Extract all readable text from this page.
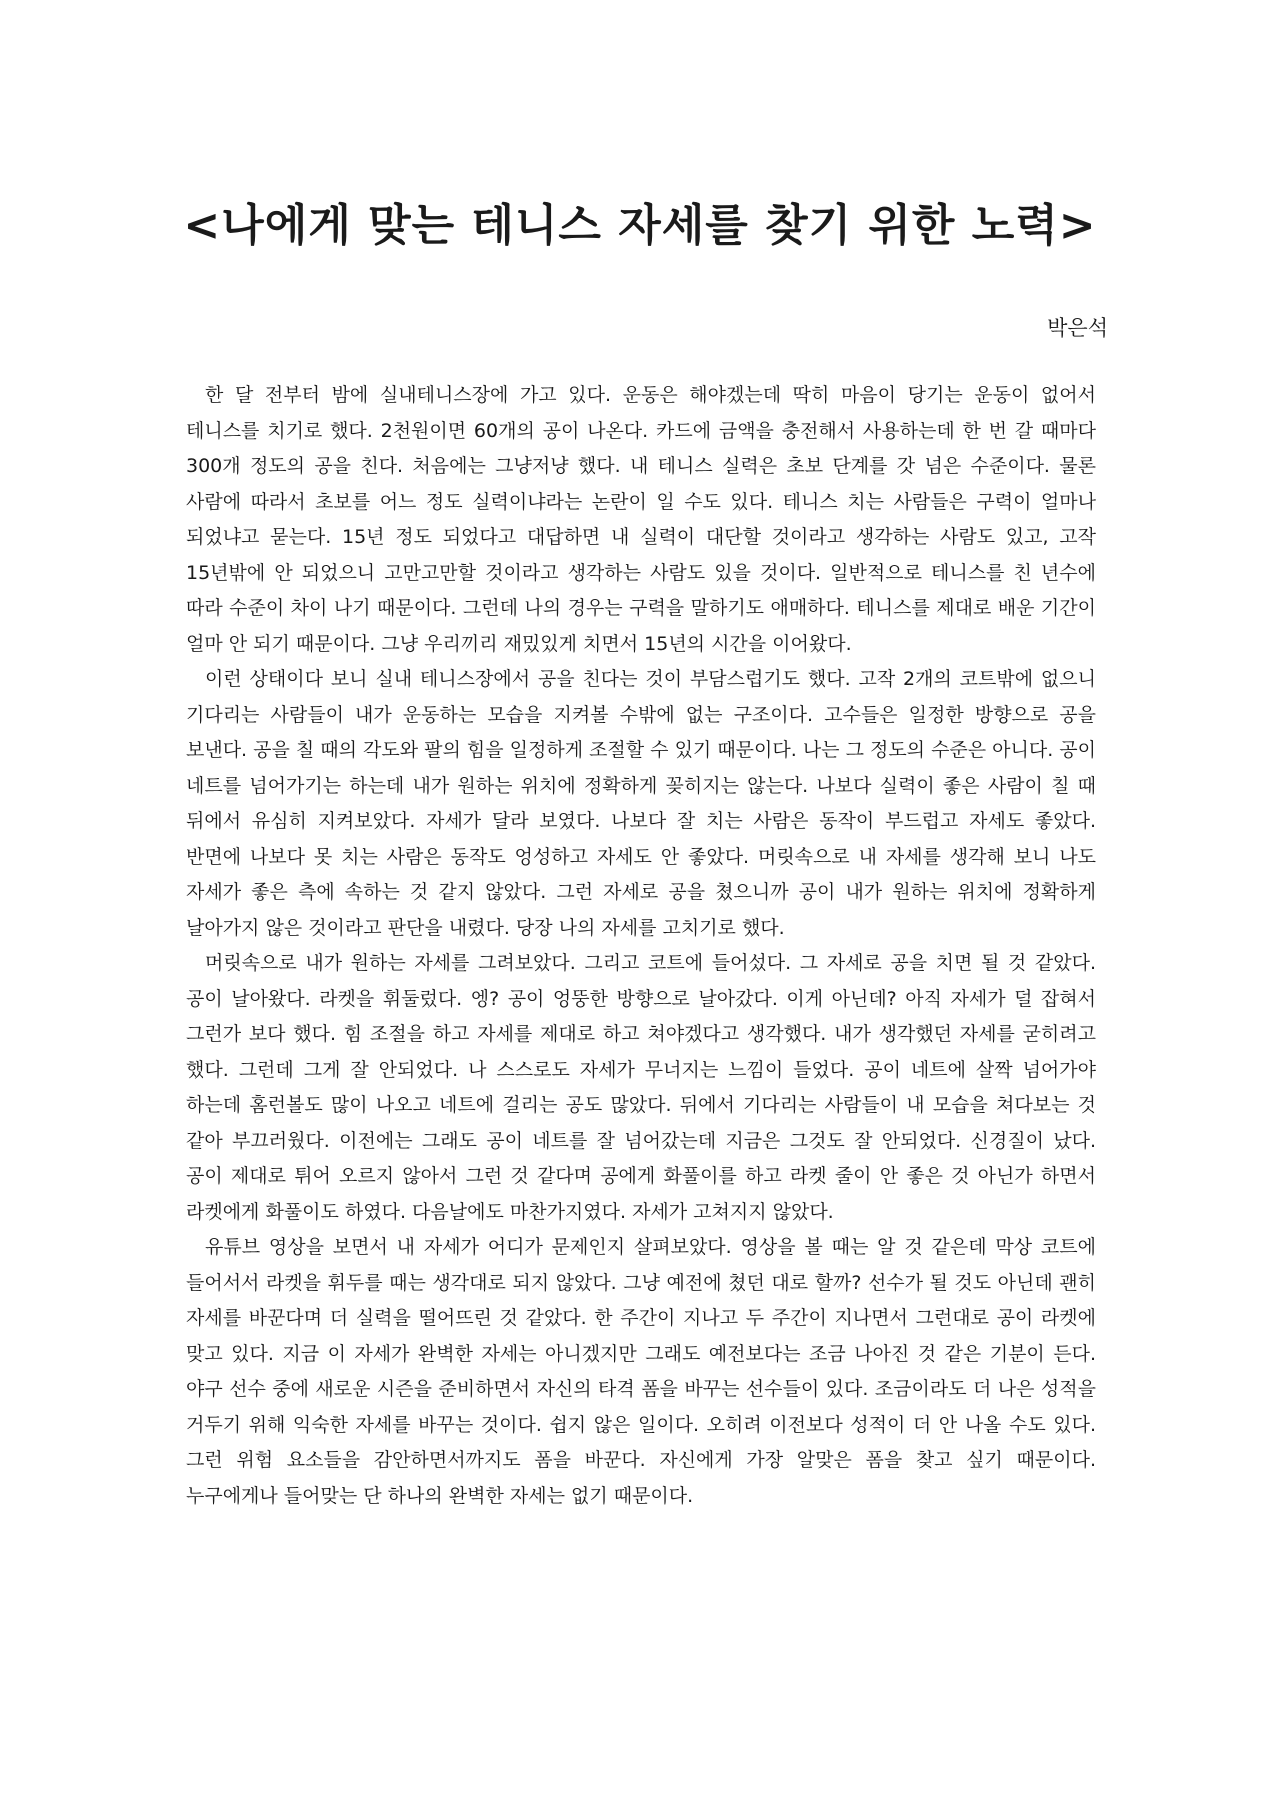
<나에게 맞는 테니스 자세를 찾기 위한 노력>
박은석

한 달 전부터 밤에 실내테니스장에 가고 있다. 운동은 해야겠는데 딱히 마음이 당기는 운동이 없어서 테니스를 치기로 했다. 2천원이면 60개의 공이 나온다. 카드에 금액을 충전해서 사용하는데 한 번 갈 때마다 300개 정도의 공을 친다. 처음에는 그냥저냥 했다. 내 테니스 실력은 초보 단계를 갓 넘은 수준이다. 물론 사람에 따라서 초보를 어느 정도 실력이냐라는 논란이 일 수도 있다. 테니스 치는 사람들은 구력이 얼마나 되었냐고 묻는다. 15년 정도 되었다고 대답하면 내 실력이 대단할 것이라고 생각하는 사람도 있고, 고작 15년밖에 안 되었으니 고만고만할 것이라고 생각하는 사람도 있을 것이다. 일반적으로 테니스를 친 년수에 따라 수준이 차이 나기 때문이다. 그런데 나의 경우는 구력을 말하기도 애매하다. 테니스를 제대로 배운 기간이 얼마 안 되기 때문이다. 그냥 우리끼리 재밌있게 치면서 15년의 시간을 이어왔다.

이런 상태이다 보니 실내 테니스장에서 공을 친다는 것이 부담스럽기도 했다. 고작 2개의 코트밖에 없으니 기다리는 사람들이 내가 운동하는 모습을 지켜볼 수밖에 없는 구조이다. 고수들은 일정한 방향으로 공을 보낸다. 공을 칠 때의 각도와 팔의 힘을 일정하게 조절할 수 있기 때문이다. 나는 그 정도의 수준은 아니다. 공이 네트를 넘어가기는 하는데 내가 원하는 위치에 정확하게 꽂히지는 않는다. 나보다 실력이 좋은 사람이 칠 때 뒤에서 유심히 지켜보았다. 자세가 달라 보였다. 나보다 잘 치는 사람은 동작이 부드럽고 자세도 좋았다. 반면에 나보다 못 치는 사람은 동작도 엉성하고 자세도 안 좋았다. 머릿속으로 내 자세를 생각해 보니 나도 자세가 좋은 측에 속하는 것 같지 않았다. 그런 자세로 공을 쳤으니까 공이 내가 원하는 위치에 정확하게 날아가지 않은 것이라고 판단을 내렸다. 당장 나의 자세를 고치기로 했다.

머릿속으로 내가 원하는 자세를 그려보았다. 그리고 코트에 들어섰다. 그 자세로 공을 치면 될 것 같았다. 공이 날아왔다. 라켓을 휘둘렀다. 엥? 공이 엉뚱한 방향으로 날아갔다. 이게 아닌데? 아직 자세가 덜 잡혀서 그런가 보다 했다. 힘 조절을 하고 자세를 제대로 하고 쳐야겠다고 생각했다. 내가 생각했던 자세를 굳히려고 했다. 그런데 그게 잘 안되었다. 나 스스로도 자세가 무너지는 느낌이 들었다. 공이 네트에 살짝 넘어가야 하는데 홈런볼도 많이 나오고 네트에 걸리는 공도 많았다. 뒤에서 기다리는 사람들이 내 모습을 쳐다보는 것 같아 부끄러웠다. 이전에는 그래도 공이 네트를 잘 넘어갔는데 지금은 그것도 잘 안되었다. 신경질이 났다. 공이 제대로 튀어 오르지 않아서 그런 것 같다며 공에게 화풀이를 하고 라켓 줄이 안 좋은 것 아닌가 하면서 라켓에게 화풀이도 하였다. 다음날에도 마찬가지였다. 자세가 고쳐지지 않았다.

유튜브 영상을 보면서 내 자세가 어디가 문제인지 살펴보았다. 영상을 볼 때는 알 것 같은데 막상 코트에 들어서서 라켓을 휘두를 때는 생각대로 되지 않았다. 그냥 예전에 쳤던 대로 할까? 선수가 될 것도 아닌데 괜히 자세를 바꾼다며 더 실력을 떨어뜨린 것 같았다. 한 주간이 지나고 두 주간이 지나면서 그런대로 공이 라켓에 맞고 있다. 지금 이 자세가 완벽한 자세는 아니겠지만 그래도 예전보다는 조금 나아진 것 같은 기분이 든다. 야구 선수 중에 새로운 시즌을 준비하면서 자신의 타격 폼을 바꾸는 선수들이 있다. 조금이라도 더 나은 성적을 거두기 위해 익숙한 자세를 바꾸는 것이다. 쉽지 않은 일이다. 오히려 이전보다 성적이 더 안 나올 수도 있다. 그런 위험 요소들을 감안하면서까지도 폼을 바꾼다. 자신에게 가장 알맞은 폼을 찾고 싶기 때문이다. 누구에게나 들어맞는 단 하나의 완벽한 자세는 없기 때문이다.
